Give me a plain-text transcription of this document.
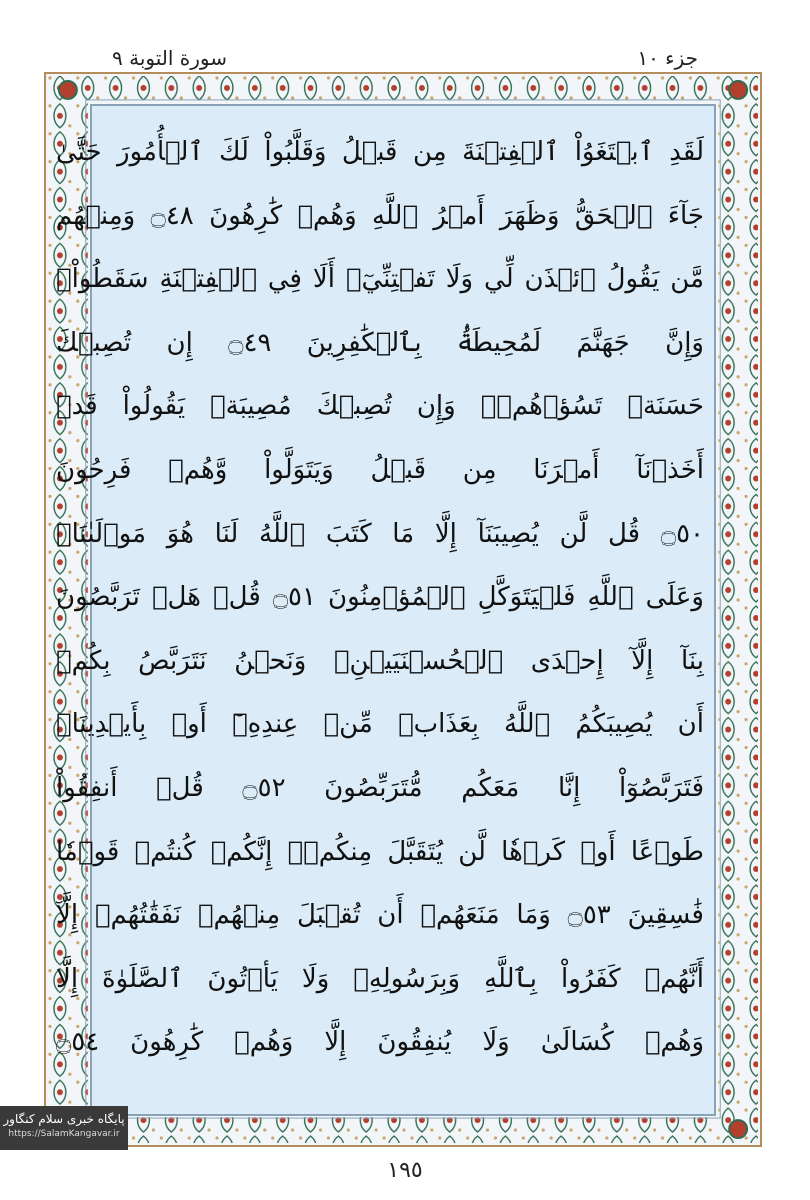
سورة التوبة ٩	جزء ١٠
لَقَدِ ٱبۡتَغَوُاْ ٱلۡفِتۡنَةَ مِن قَبۡلُ وَقَلَّبُواْ لَكَ ٱلۡأُمُورَ حَتَّىٰ
جَآءَ ٱلۡحَقُّ وَظَهَرَ أَمۡرُ ٱللَّهِ وَهُمۡ كَٰرِهُونَ ۝٤٨ وَمِنۡهُم
مَّن يَقُولُ ٱئۡذَن لِّي وَلَا تَفۡتِنِّيٓۚ أَلَا فِي ٱلۡفِتۡنَةِ سَقَطُواْۗ
وَإِنَّ جَهَنَّمَ لَمُحِيطَةُۢ بِٱلۡكَٰفِرِينَ ۝٤٩ إِن تُصِبۡكَ
حَسَنَةٞ تَسُؤۡهُمۡۖ وَإِن تُصِبۡكَ مُصِيبَةٞ يَقُولُواْ قَدۡ
أَخَذۡنَآ أَمۡرَنَا مِن قَبۡلُ وَيَتَوَلَّواْ وَّهُمۡ فَرِحُونَ
۝٥٠ قُل لَّن يُصِيبَنَآ إِلَّا مَا كَتَبَ ٱللَّهُ لَنَا هُوَ مَوۡلَىٰنَاۚ
وَعَلَى ٱللَّهِ فَلۡيَتَوَكَّلِ ٱلۡمُؤۡمِنُونَ ۝٥١ قُلۡ هَلۡ تَرَبَّصُونَ
بِنَآ إِلَّآ إِحۡدَى ٱلۡحُسۡنَيَيۡنِۖ وَنَحۡنُ نَتَرَبَّصُ بِكُمۡ
أَن يُصِيبَكُمُ ٱللَّهُ بِعَذَابٖ مِّنۡ عِندِهِۦٓ أَوۡ بِأَيۡدِينَاۖ
فَتَرَبَّصُوٓاْ إِنَّا مَعَكُم مُّتَرَبِّصُونَ ۝٥٢ قُلۡ أَنفِقُواْ
طَوۡعًا أَوۡ كَرۡهٗا لَّن يُتَقَبَّلَ مِنكُمۡۖ إِنَّكُمۡ كُنتُمۡ قَوۡمٗا
فَٰسِقِينَ ۝٥٣ وَمَا مَنَعَهُمۡ أَن تُقۡبَلَ مِنۡهُمۡ نَفَقَٰتُهُمۡ إِلَّآ
أَنَّهُمۡ كَفَرُواْ بِٱللَّهِ وَبِرَسُولِهِۦ وَلَا يَأۡتُونَ ٱلصَّلَوٰةَ إِلَّا
وَهُمۡ كُسَالَىٰ وَلَا يُنفِقُونَ إِلَّا وَهُمۡ كَٰرِهُونَ ۝٥٤
١٩٥
پایگاه خبری سلام کنگاور
https://SalamKangavar.ir
